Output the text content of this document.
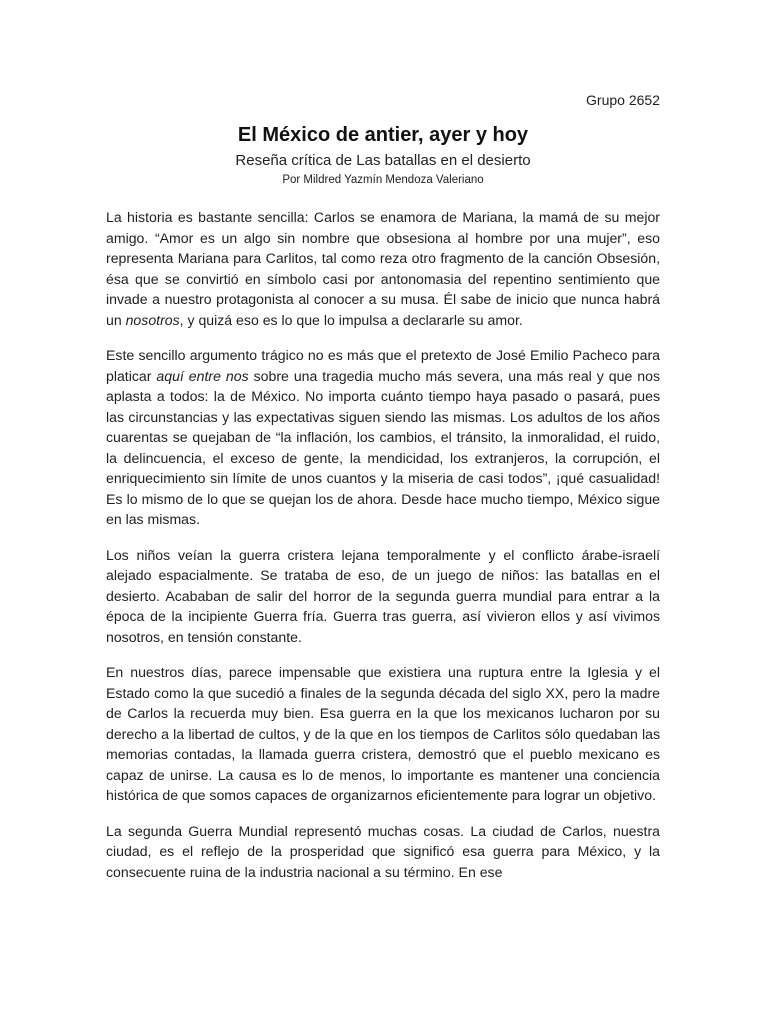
Grupo 2652
El México de antier, ayer y hoy
Reseña crítica de Las batallas en el desierto
Por Mildred Yazmín Mendoza Valeriano

La historia es bastante sencilla: Carlos se enamora de Mariana, la mamá de su mejor amigo. “Amor es un algo sin nombre que obsesiona al hombre por una mujer”, eso representa Mariana para Carlitos, tal como reza otro fragmento de la canción Obsesión, ésa que se convirtió en símbolo casi por antonomasia del repentino sentimiento que invade a nuestro protagonista al conocer a su musa. Él sabe de inicio que nunca habrá un nosotros, y quizá eso es lo que lo impulsa a declararle su amor.

Este sencillo argumento trágico no es más que el pretexto de José Emilio Pacheco para platicar aquí entre nos sobre una tragedia mucho más severa, una más real y que nos aplasta a todos: la de México. No importa cuánto tiempo haya pasado o pasará, pues las circunstancias y las expectativas siguen siendo las mismas. Los adultos de los años cuarentas se quejaban de “la inflación, los cambios, el tránsito, la inmoralidad, el ruido, la delincuencia, el exceso de gente, la mendicidad, los extranjeros, la corrupción, el enriquecimiento sin límite de unos cuantos y la miseria de casi todos”, ¡qué casualidad! Es lo mismo de lo que se quejan los de ahora. Desde hace mucho tiempo, México sigue en las mismas.

Los niños veían la guerra cristera lejana temporalmente y el conflicto árabe-israelí alejado espacialmente. Se trataba de eso, de un juego de niños: las batallas en el desierto. Acababan de salir del horror de la segunda guerra mundial para entrar a la época de la incipiente Guerra fría. Guerra tras guerra, así vivieron ellos y así vivimos nosotros, en tensión constante.

En nuestros días, parece impensable que existiera una ruptura entre la Iglesia y el Estado como la que sucedió a finales de la segunda década del siglo XX, pero la madre de Carlos la recuerda muy bien. Esa guerra en la que los mexicanos lucharon por su derecho a la libertad de cultos, y de la que en los tiempos de Carlitos sólo quedaban las memorias contadas, la llamada guerra cristera, demostró que el pueblo mexicano es capaz de unirse. La causa es lo de menos, lo importante es mantener una conciencia histórica de que somos capaces de organizarnos eficientemente para lograr un objetivo.

La segunda Guerra Mundial representó muchas cosas. La ciudad de Carlos, nuestra ciudad, es el reflejo de la prosperidad que significó esa guerra para México, y la consecuente ruina de la industria nacional a su término. En ese
